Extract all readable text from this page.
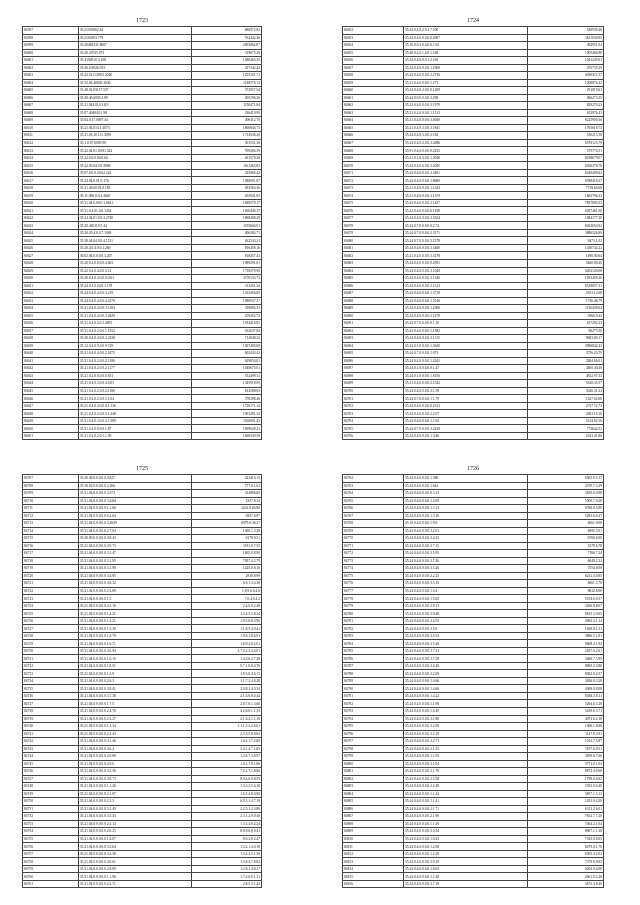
1723
84597	35.21033062.64	680072.82
84598	35.2104303.779	762442.46
84599	35.20482331.8687	2093062.87
84600	35.20.47035.073	319675.29
84601	35.41920.613.108	1380463.45
84602	35.40.6.9026.553	357342.42
84603	35.22.011.10933.2040	1255301.71
84604	35.32.04.40026.3640	1148576.12
84605	35.48.02.03117.537	372957.54
84606	35.40.40.6003.3.89	405196.26
84607	35.21.044.014.3119	1150471.84
84608	35.07.404040.1.98	336419.99
84609	35.04.0.37.0097.44	406112.70
84610	35.21.04.014.1.4073	1866944.75
84611	35.21.03.10.111.3589	1714536.20
84612	35.1.0.07.6005.90	301531.30
84613	35.22.04.01.0.091.322	769284.39
84614	35.22.0.0.0.04.0.62	261570.28
84615	35.22.05.04.0.0.3906	1161463.83
84616	35.07.0.0.0.20.62.222	325065.42
84617	35.24.04.0.01.0.176	1386001.87
84618	35.21.40.00.01.0.185	493363.36
84619	35.11.096.0.0.4.4640	265941.65
84620	35.21.04.0.00.0.1.0621	1848579.17
84621	35.21.0.4.01.0.6.1454	1266446.27
84622	35.24.04.01.0.0.3.2740	1868408.29
84623	35.20.440.0.0.5.44	1185604.01
84624	35.20.20.4.0.0.7.1048	406384.71
84625	35.28.04.04.0.0.4.1131	262543.21
84626	35.20.4.0.4.0.0.1.260	816458.16
84627	36.02.04.0.0.0.0.3.207	818457.41
84628	35.20.0.4.0.0.0.0.4.403	1089291.81
84629	35.22.0.4.0.4.0.0.3.12	1738379.90
84630	35.20.0.4.0.4.0.0.0.0.61	1170133.72
84631	35.24.0.1.0.20.0.1.178	313451.34
84632	35.24.0.4.0.4.0.0.4.219	1433456.00
84633	35.24.0.4.0.4.0.0.4.2270	1080937.37
84634	35.21.0.4.0.4.0.0.3.1184	339085.31
84635	35.21.0.4.0.4.0.0.3.0429	478452.72
84636	35.21.0.4.0.4.0.1.4891	1934416.85
84637	35.21.0.4.0.2.0.0.1.1922	432637.84
84638	35.20.0.4.0.4.0.0.2.2338	712848.22
84639	35.12.0.2.0.9.0.0.9.729	1007405.09
84640	35.21.0.4.0.4.0.0.2.2475	602443.42
84641	35.21.0.4.0.2.0.0.2.1186	629054.01
84642	35.21.0.4.0.2.0.0.2.1177	1040675.01
84643	35.21.0.2.0.0.0.0.0.651	352499.31
84644	35.21.0.4.0.3.0.0.4.0.03	1345918.09
84645	35.21.0.4.0.2.0.0.2.1186	812588.03
84646	35.21.0.2.0.2.0.0.5.1.04	378298.46
84647	35.21.0.4.0.4.0.0.4.1.136	1726171.12
84648	35.21.0.4.0.2.0.0.3.1.248	1901491.33
84649	35.21.0.4.0.3.0.0.3.1.589	1166001.43
84650	35.21.0.2.0.0.0.0.1.87	1699028.21
84651	35.21.0.2.0.2.0.1.1.39	1668339.59
1724
84652	35.24.0.4.0.2.0.1.7.100	528930.48
84653	35.24.0.4.0.0.0.0.0.2007	1611030.95
84654	35.16.0.0.3.0.4.0.0.1.92	382951.04
84655	35.40.0.2.0.1.4.0.1.168	1005466.90
84656	35.24.0.4.0.0.0.1.2.165	1041245.01
84657	35.24.0.4.0.0.0.0.1.1960	470735.29
84658	35.24.0.4.0.0.0.0.2.2736	6069111.57
84659	35.21.0.4.0.0.0.0.1.273	1208076.42
84660	35.24.0.4.0.2.0.0.0.1289	291019.61
84661	35.24.0.0.0.0.0.0.3.298	366273.35
84662	35.22.0.4.0.0.0.0.3.1979	829270.23
84663	35.21.0.2.0.0.0.0.1.1513	633976.43
84664	35.21.0.4.0.0.0.0.3.4040	8225950.30
84665	35.21.0.4.0.3.0.0.3.1841	1765618.73
84666	35.24.0.4.0.3.0.0.2.182	530213.58
84667	35.24.0.4.0.2.0.0.3.4286	6576123.79
84668	35.91.0.4.0.0.0.0.0.2255	579774.51
84669	35.21.0.1.0.3.0.0.1.3040	8238679.07
84670	35.24.0.4.0.6.0.0.3.2045	6456378.76
84671	35.24.0.4.0.0.0.0.3.3401	6240409.62
84672	35.24.0.4.0.0.0.0.1.8660	6938418.37
84673	35.21.0.4.0.0.0.0.1.1243	7729.64.68
84674	35.21.0.4.0.0.0.0.3.1379	1663796.33
84675	35.24.0.4.0.0.0.0.2.1437	7857893.53
84676	35.22.0.4.0.0.0.0.6.1198	6037461.90
84677	35.24.0.4.0.0.0.0.3.3324	1684177.30
84678	35.24.0.7.0.0.0.0.0.2.74	6023654.92
84679	35.24.0.7.0.0.0.0.2.3171	3886326.89
84680	35.24.0.7.0.0.0.0.5.2378	9473.1.02
84681	35.24.0.4.0.0.0.0.3.3460	1450742.22
84682	35.21.0.4.0.0.0.0.3.3178	1490.00.64
84683	35.24.0.4.0.0.0.0.0.4591	5460.00.20
84684	35.24.0.4.0.0.0.0.3.1040	6202126.08
84685	35.24.0.4.0.0.0.0.3.1346	1853459.20
84686	35.24.0.4.0.0.0.0.2.1513	8539057.31
84687	35.24.0.4.0.0.0.0.1.3718	5353.12.68
84688	35.24.0.4.0.0.0.0.1.5146	1746.46.79
84689	35.24.0.4.0.0.0.0.1.2306	1136439.64
84690	35.24.0.4.0.0.0.0.2.1270	3960.0.42
84691	35.24.0.7.0.0.0.0.0.1.10	437292.23
84692	35.24.0.4.0.0.0.0.1.1582	96273.56
84693	35.24.0.4.0.0.0.0.3.1315	9683.69.17
84694	35.24.0.1.0.0.0.0.1.3620	3996842.43
84695	35.24.0.7.0.0.0.0.1.973	3756.23.79
84696	35.24.0.4.0.0.0.0.1.2241	3384.66.01
84697	35.24.0.1.0.0.0.0.0.1.47	3460.30.30
84698	35.24.0.1.0.0.0.0.1.8156	4832.97.53
84699	35.21.0.4.0.0.0.0.2.1542	5328.45.57
84700	35.24.0.4.0.0.0.0.2.1.59	3346.31.23
84701	35.24.0.7.0.0.0.0.1.1.79	1627.02.68
84702	35.24.0.4.0.0.0.0.0.2313	2737.72.73
84703	35.24.0.4.0.0.0.0.2.2.07	2381.18.10
84704	35.24.0.4.0.0.0.0.1.1.92	5314.82.56
84705	35.24.0.7.0.0.0.0.3.2439	775642.52
84706	35.24.0.4.0.0.0.0.1.3.46	2343.41.86
1725
84707	35.20.40.0.0.0.0.0.0.827	423413.15
84708	35.10.02.0.0.0.0.0.2.266	577.0.1.02
84709	35.21.04.0.0.0.0.0.3.373	414896.60
84710	35.21.04.0.0.0.0.0.3.4261	2357.8.14
84711	35.21.04.0.0.0.0.0.1.1.66	2241.8.04.80
84712	35.21.04.0.0.0.0.0.0.2.04	6507.6.97
84713	35.21.04.0.0.0.0.0.3.2049	6979.6.36.27
84714	35.21.04.0.0.0.0.0.2.7.04	1360.1.3.28
84715	35.20.00.0.0.0.0.0.3.8.43	6178.9.51
84716	35.21.04.0.0.0.0.0.3.9.73	1181.0.7.53
84717	35.21.04.0.0.0.0.0.3.1.47	1465.0.8.90
84718	35.21.04.0.0.0.0.0.3.1.95	7037.4.2.79
84719	35.21.04.0.0.0.0.0.3.1.98	1425.0.8.10
84720	35.21.04.0.0.0.0.0.3.4.95	2930.8.99
84721	35.21.04.0.0.0.0.0.3.8.32	6.8.1.3.4.38
84722	35.21.04.0.0.0.0.0.2.3.69	1.8.9.6.6.4.8
84723	35.21.04.0.0.0.0.0.1.3	7.0.4.9.4.2
84724	35.21.04.0.0.0.0.0.4.1.16	2.4.6.9.2.48
84725	35.21.04.0.0.0.0.0.1.4.21	1.2.4.5.2.8.24
84726	35.21.04.0.0.0.0.0.1.4.21	1.9.5.6.8.3.96
84727	35.21.04.0.0.0.0.0.1.5.39	1.1.8.5.4.9.41
84728	35.21.04.0.0.0.0.0.1.4.79	1.9.8.1.8.6.91
84729	35.21.04.0.0.0.0.0.1.6.71	1.8.9.4.8.2.01
84730	35.21.04.0.0.0.0.0.3.6.94	2.7.0.2.3.4.4.01
84731	35.21.04.0.0.0.0.0.1.6.15	1.4.0.6.2.7.28
84732	35.21.04.0.0.0.0.0.1.8.51	9.7.1.0.8.4.76
84733	35.21.04.0.0.0.0.0.1.3.9	1.9.3.0.4.6.13
84734	35.21.04.0.0.0.0.0.2.6.3	1.1.7.2.4.8.28
84735	35.21.04.0.0.0.0.0.3.8.41	2.0.8.1.4.5.34
84736	35.21.04.0.0.0.0.0.3.7.38	2.1.3.6.8.0.44
84737	35.21.04.0.0.0.0.0.1.7.5	2.0.7.6.1.3.60
84738	35.21.04.0.0.0.0.0.2.4.76	4.2.6.6.1.1.33
84739	35.21.04.0.0.0.0.0.2.3.27	2.1.6.2.1.1.18
84740	35.21.04.0.0.0.0.0.1.1.34	1.1.1.3.2.2.6.01
84741	35.21.04.0.0.0.0.0.2.4.43	2.5.9.5.8.9.82
84742	35.21.04.0.0.0.0.0.4.1.46	1.6.4.1.7.2.60
84743	35.21.04.0.0.0.0.0.3.6.4	3.4.1.4.7.1.85
84744	35.21.04.0.0.0.0.0.2.0.88	1.2.8.7.3.9.97
84745	35.21.04.0.0.0.0.0.2.9.6	1.0.2.7.8.1.86
84746	35.21.04.0.0.0.0.0.3.5.56	7.0.2.7.1.8.66
84747	35.21.04.0.0.0.0.0.3.8.73	8.9.4.6.0.8.55
84748	35.21.04.0.0.0.0.0.1.1.26	1.3.3.2.5.4.10
84749	35.21.04.0.0.0.0.0.2.1.87	1.6.5.4.8.0.80
84750	35.21.04.0.0.0.0.0.2.3.3	6.9.5.1.4.7.19
84751	35.21.04.0.0.0.0.0.3.1.49	2.2.5.1.2.3.86
84752	35.21.04.0.0.0.0.0.3.5.43	2.3.1.2.9.9.40
84753	35.21.04.0.0.0.0.0.2.4.14	1.3.3.4.8.4.24
84754	35.21.04.0.0.0.0.0.2.0.25	8.0.9.6.8.9.41
84755	35.21.04.0.0.0.0.0.1.4.07	8.0.2.8.2.47
84756	35.21.04.0.0.0.0.0.3.3.64	1.3.2.1.4.0.18
84757	35.21.04.0.0.0.0.0.3.4.38	1.3.2.4.5.1.58
84758	35.21.04.0.0.0.0.0.4.0.61	1.5.8.4.7.8.82
84759	35.21.04.0.0.0.0.0.2.8.09	1.2.8.1.4.8.17
84760	35.21.04.0.0.0.0.0.1.1.96	1.7.2.6.9.1.31
84761	35.21.04.0.0.0.0.0.2.2.71	2.8.5.3.1.42
1726
84762	35.24.0.4.0.0.0.0.1.386	6565.9.5.17
84763	35.24.0.4.0.0.0.0.1.643	2370.7.3.29
84764	35.24.0.4.0.0.0.0.0.3.13	3810.6.0.98
84765	35.24.0.4.0.0.0.0.1.2.09	5500.7.0.20
84766	35.24.0.4.0.0.0.0.1.3.13	6780.8.5.80
84767	35.24.0.4.0.0.0.0.1.3.16	5285.6.6.37
84768	35.10.0.4.0.0.0.0.1.9.0	4661.9.08
84769	35.24.0.4.0.0.0.0.3.2.01	4895.3.91
84770	35.24.0.4.0.0.0.0.3.4.23	6766.6.00
84771	35.24.0.4.0.0.0.0.3.7.15	5379.6.78
84772	35.24.0.4.0.0.0.0.3.5.95	7166.7.24
84773	35.24.0.4.0.0.0.0.3.7.26	6049.2.22
84774	35.24.0.4.0.0.0.0.3.3.26	7554.8.08
84775	35.24.0.4.0.0.0.0.2.2.25	6231.4.0.85
84776	35.24.0.4.0.0.0.0.3.3.16	6661.5.78
84777	35.24.0.4.0.0.0.0.1.0.4	8832.6.00
84778	35.24.0.4.0.0.0.0.1.5.65	5194.6.0.37
84779	35.24.0.4.0.0.0.0.2.8.13	3266.9.8.07
84780	35.24.0.4.0.0.0.0.3.9.48	8615.3.0.05
84781	35.24.0.4.0.0.0.0.3.4.55	3065.3.1.14
84782	35.24.0.4.0.0.0.0.3.5.6	1628.8.1.31
84783	35.24.0.4.0.0.0.0.3.5.53	3866.5.1.81
84784	35.24.0.4.0.0.0.0.3.5.26	9608.4.1.92
84785	35.24.0.4.0.0.0.0.3.7.21	2657.6.2.61
84786	35.24.0.4.0.0.0.0.3.7.39	3460.7.5.99
84787	35.24.0.4.0.0.0.0.3.4.46	8065.3.3.86
84788	35.24.0.4.0.0.0.0.2.2.09	8382.9.2.57
84789	35.24.0.4.0.0.0.0.1.4.66	3826.8.3.28
84790	35.24.0.4.0.0.0.0.1.4.66	4369.0.8.08
84791	35.24.0.4.0.0.0.0.1.4.22	8384.3.8.11
84792	35.24.0.4.0.0.0.0.1.1.96	5294.6.3.29
84793	35.24.0.4.0.0.0.0.1.6.40	5439.0.3.71
84794	35.24.0.4.0.0.0.0.3.1.80	4073.6.2.18
84795	35.24.0.4.0.0.0.0.3.2.00	1060.1.8.08
84796	35.24.0.4.0.0.0.0.3.2.18	1147.9.3.91
84797	35.24.0.4.0.0.0.0.3.2.71	1012.7.5.87
84798	35.24.0.4.0.0.0.0.2.1.53	1197.6.8.51
84799	35.24.0.4.0.0.0.0.1.1.05	3859.6.7.66
84800	35.24.0.4.0.0.0.0.3.1.04	3771.0.1.02
84801	35.24.0.4.0.0.0.0.3.1.76	8872.4.9.68
84802	35.24.0.4.0.0.0.0.2.3.58	1799.8.6.82
84803	35.24.0.4.0.0.0.0.2.2.48	5355.0.6.40
84804	35.24.0.4.0.0.0.0.1.1.42	3857.1.5.13
84805	35.24.0.4.0.0.0.0.1.1.41	1451.9.2.08
84806	35.24.0.4.0.0.0.0.2.1.71	6313.2.6.01
84807	35.24.0.4.0.0.0.0.2.1.90	7652.7.7.20
84808	35.24.0.4.0.0.0.0.1.1.49	7464.2.1.04
84809	35.24.0.4.0.0.0.0.3.0.34	8697.1.1.38
84810	35.24.0.4.0.0.0.0.1.0.23	7335.8.8.05
84811	35.24.0.4.0.0.0.0.1.2.08	6479.6.1.78
84812	35.24.0.4.0.0.0.0.1.2.28	6305.4.2.02
84813	35.24.0.4.0.0.0.0.3.0.10	7379.0.9.02
84814	35.24.0.4.0.0.0.0.1.0.03	6204.9.4.90
84815	35.24.0.4.0.0.0.0.1.2.28	2661.8.2.28
84816	35.24.0.4.0.0.0.0.3.7.19	3672.4.8.40
